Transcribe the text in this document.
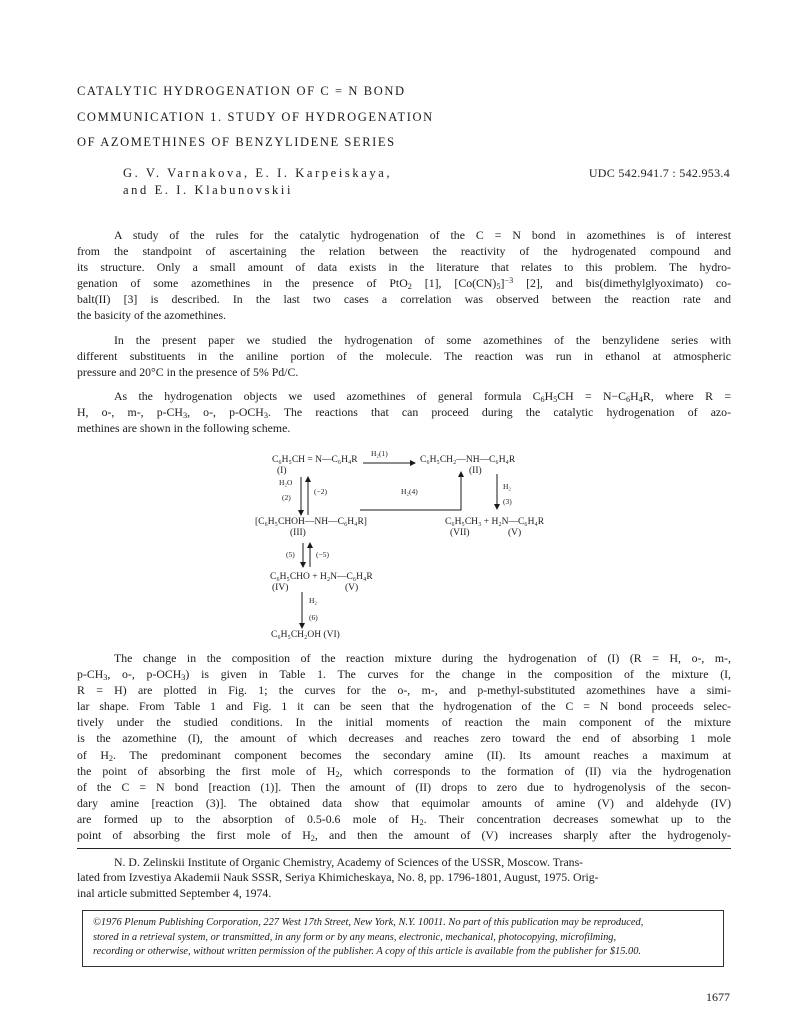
CATALYTIC HYDROGENATION OF C = N BOND
COMMUNICATION 1. STUDY OF HYDROGENATION
OF AZOMETHINES OF BENZYLIDENE SERIES
G. V. Varnakova, E. I. Karpeiskaya,
and E. I. Klabunovskii
UDC 542.941.7 : 542.953.4
A study of the rules for the catalytic hydrogenation of the C = N bond in azomethines is of interest
from the standpoint of ascertaining the relation between the reactivity of the hydrogenated compound and
its structure. Only a small amount of data exists in the literature that relates to this problem. The hydro-
genation of some azomethines in the presence of PtO$_2$ [1], $[Co(CN)_5]^{-3}$ [2], and bis(dimethylglyoximato) co-
balt(II) [3] is described. In the last two cases a correlation was observed between the reaction rate and
the basicity of the azomethines.
In the present paper we studied the hydrogenation of some azomethines of the benzylidene series with
different substituents in the aniline portion of the molecule. The reaction was run in ethanol at atmospheric
pressure and 20°C in the presence of 5% Pd/C.
As the hydrogenation objects we used azomethines of general formula $C_6H_5CH = N-C_6H_4R$, where R =
H, o-, m-, $p-CH_3$, o-, $p-OCH_3$. The reactions that can proceed during the catalytic hydrogenation of azo-
methines are shown in the following scheme.
C₆H₅CH = N—C₆H₄R
H₂(1)
C₆H₅CH₂—NH—C₆H₄R
(I)	(II)
H₂O
(−2)
(2)
H₂(4)
H₂
(3)
[C₆H₅CHOH—NH—C₆H₄R]	C₆H₅CH₃ + H₂N—C₆H₄R
(III)	(VII)	(V)
(5)	(−5)
C₆H₅CHO + H₂N—C₆H₄R
(IV)	(V)
H₂
(6)
C₆H₅CH₂OH (VI)
The change in the composition of the reaction mixture during the hydrogenation of (I) (R = H, o-, m-,
$p-CH_3$, o-, $p-OCH_3$) is given in Table 1. The curves for the change in the composition of the mixture (I,
R = H) are plotted in Fig. 1; the curves for the o-, m-, and p-methyl-substituted azomethines have a simi-
lar shape. From Table 1 and Fig. 1 it can be seen that the hydrogenation of the C = N bond proceeds selec-
tively under the studied conditions. In the initial moments of reaction the main component of the mixture
is the azomethine (I), the amount of which decreases and reaches zero toward the end of absorbing 1 mole
of $H_2$. The predominant component becomes the secondary amine (II). Its amount reaches a maximum at
the point of absorbing the first mole of $H_2$, which corresponds to the formation of (II) via the hydrogenation
of the C = N bond [reaction (1)]. Then the amount of (II) drops to zero due to hydrogenolysis of the secon-
dary amine [reaction (3)]. The obtained data show that equimolar amounts of amine (V) and aldehyde (IV)
are formed up to the absorption of 0.5-0.6 mole of $H_2$. Their concentration decreases somewhat up to the
point of absorbing the first mole of $H_2$, and then the amount of (V) increases sharply after the hydrogenoly-
N. D. Zelinskii Institute of Organic Chemistry, Academy of Sciences of the USSR, Moscow. Trans-
lated from Izvestiya Akademii Nauk SSSR, Seriya Khimicheskaya, No. 8, pp. 1796-1801, August, 1975. Orig-
inal article submitted September 4, 1974.
©1976 Plenum Publishing Corporation, 227 West 17th Street, New York, N.Y. 10011. No part of this publication may be reproduced,
stored in a retrieval system, or transmitted, in any form or by any means, electronic, mechanical, photocopying, microfilming,
recording or otherwise, without written permission of the publisher. A copy of this article is available from the publisher for $15.00.
1677
